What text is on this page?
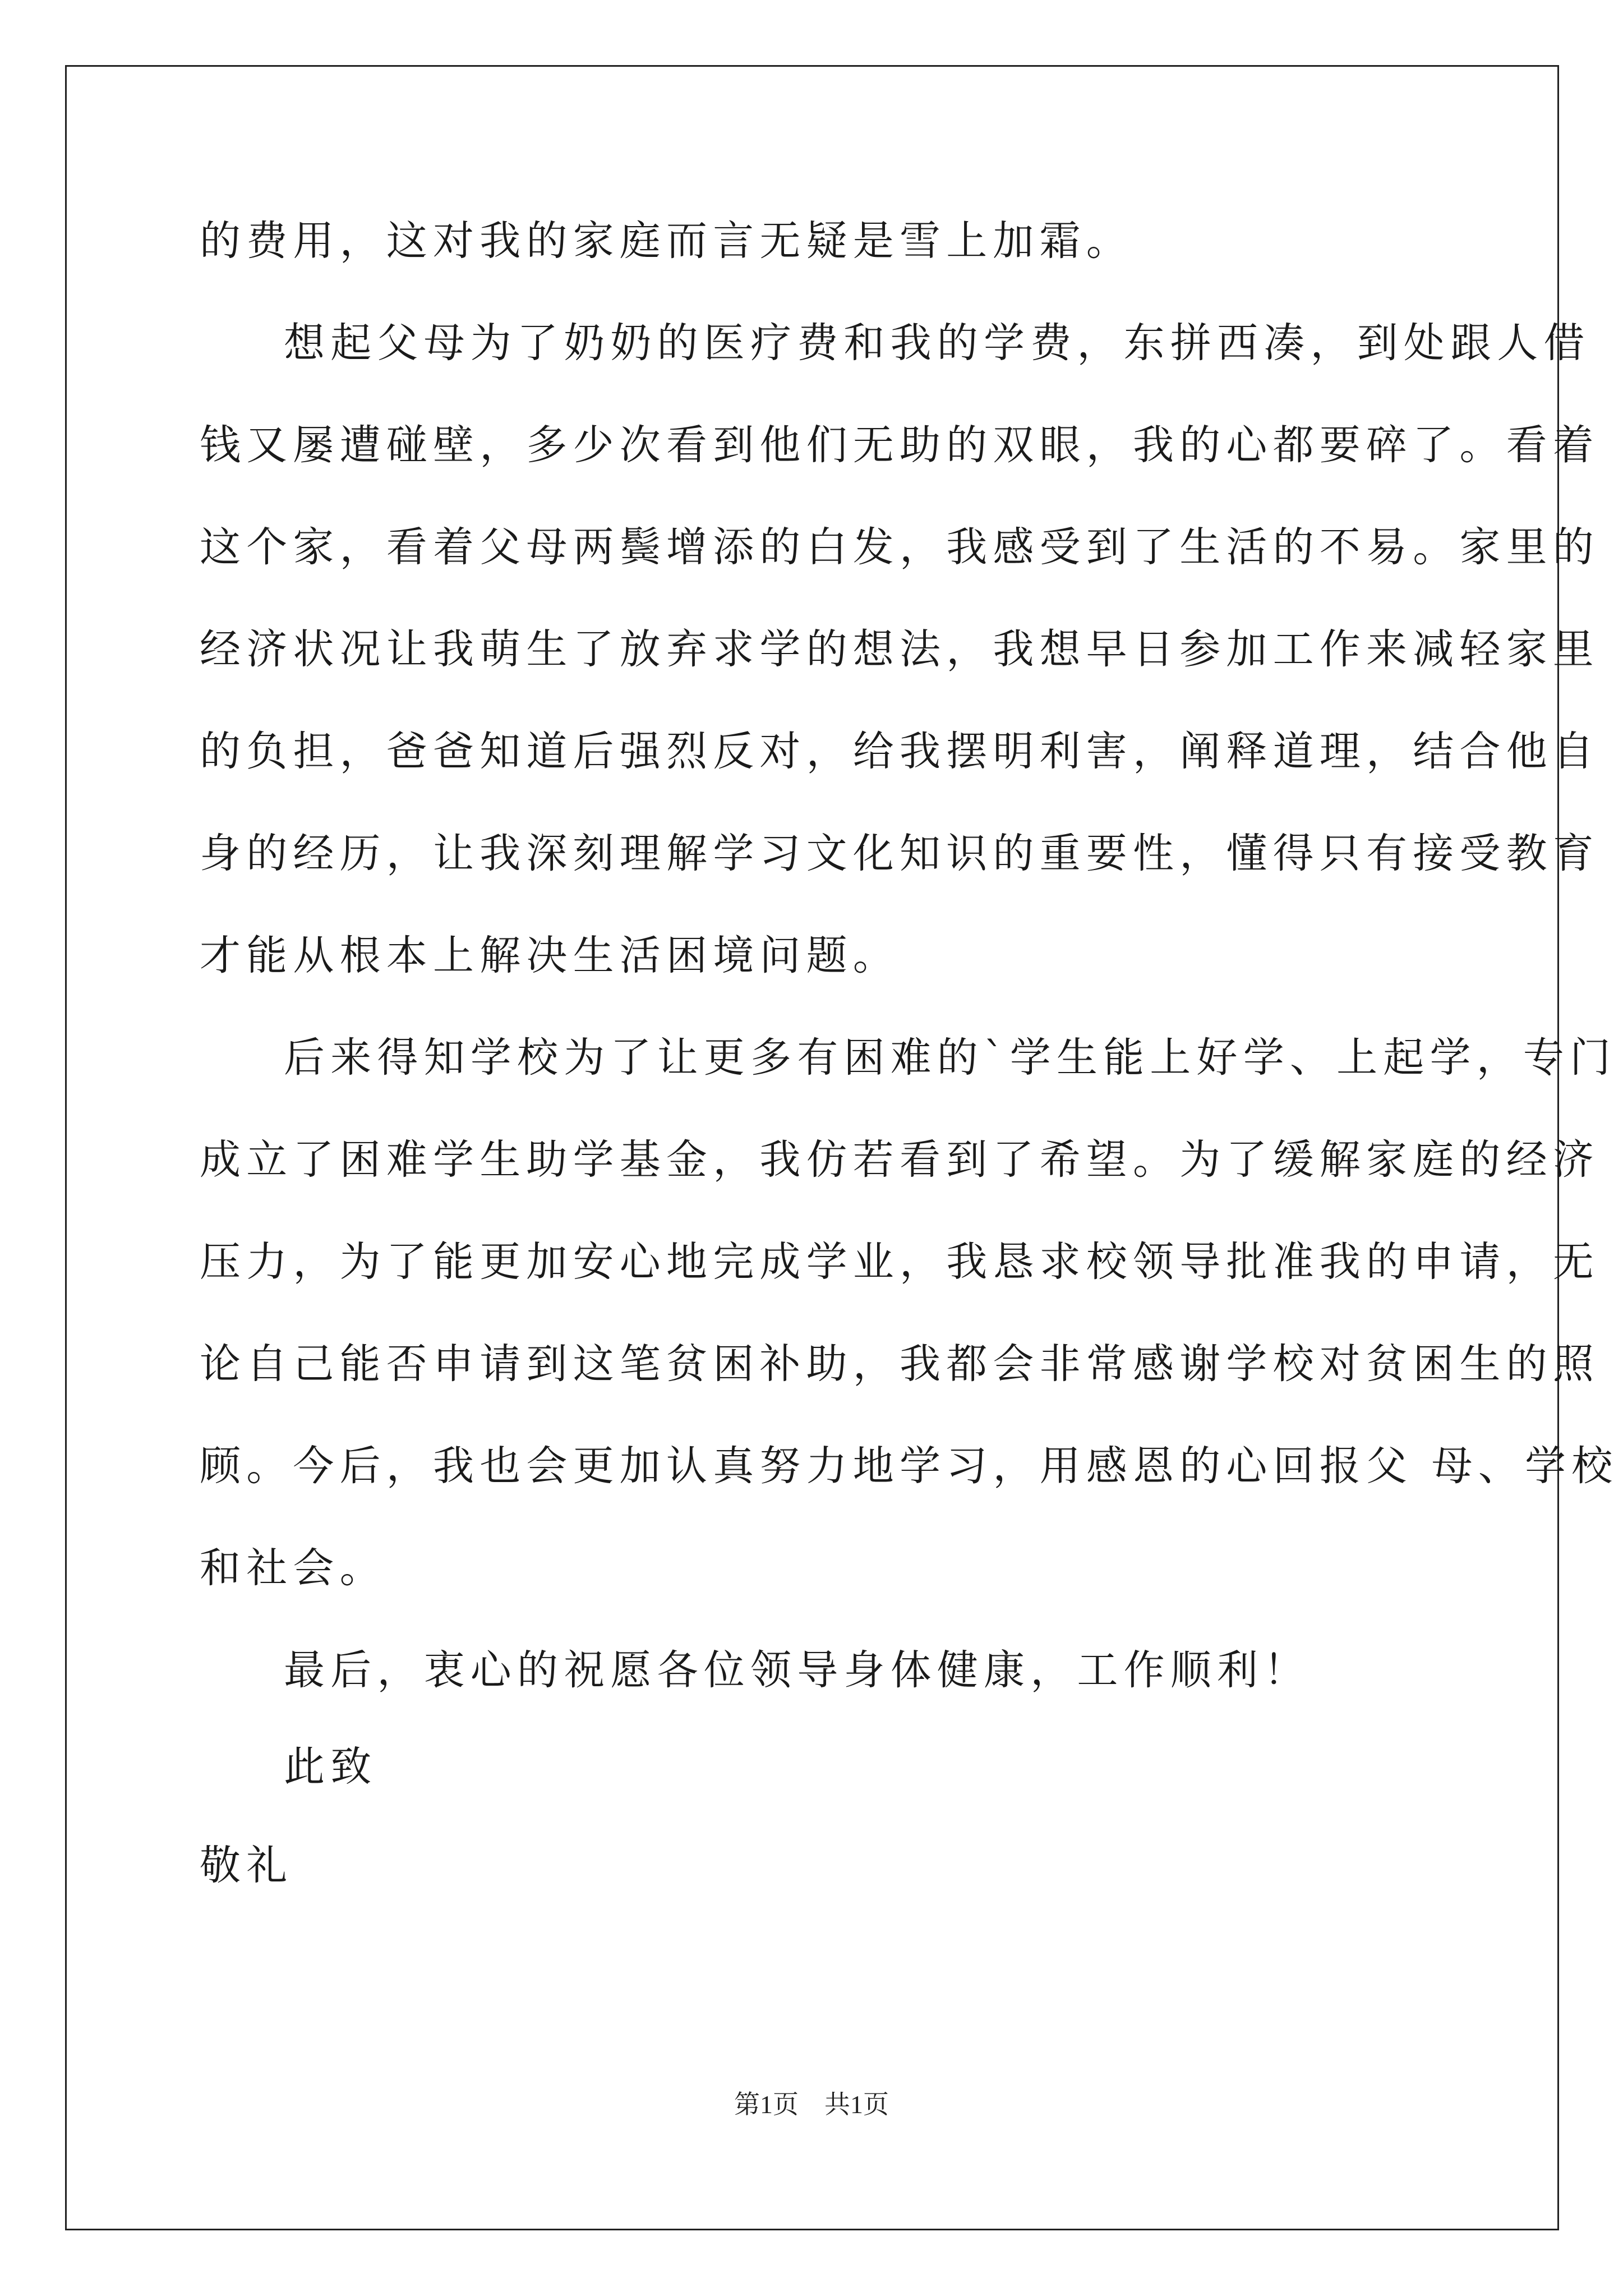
的费用，这对我的家庭而言无疑是雪上加霜。
想起父母为了奶奶的医疗费和我的学费，东拼西凑，到处跟人借
钱又屡遭碰壁，多少次看到他们无助的双眼，我的心都要碎了。看着
这个家，看着父母两鬓增添的白发，我感受到了生活的不易。家里的
经济状况让我萌生了放弃求学的想法，我想早日参加工作来减轻家里
的负担，爸爸知道后强烈反对，给我摆明利害，阐释道理，结合他自
身的经历，让我深刻理解学习文化知识的重要性，懂得只有接受教育
才能从根本上解决生活困境问题。
后来得知学校为了让更多有困难的`学生能上好学、上起学，专门
成立了困难学生助学基金，我仿若看到了希望。为了缓解家庭的经济
压力，为了能更加安心地完成学业，我恳求校领导批准我的申请，无
论自己能否申请到这笔贫困补助，我都会非常感谢学校对贫困生的照
顾。今后，我也会更加认真努力地学习，用感恩的心回报父 母、学校
和社会。
最后，衷心的祝愿各位领导身体健康，工作顺利！
此致
敬礼
第1页　共1页
